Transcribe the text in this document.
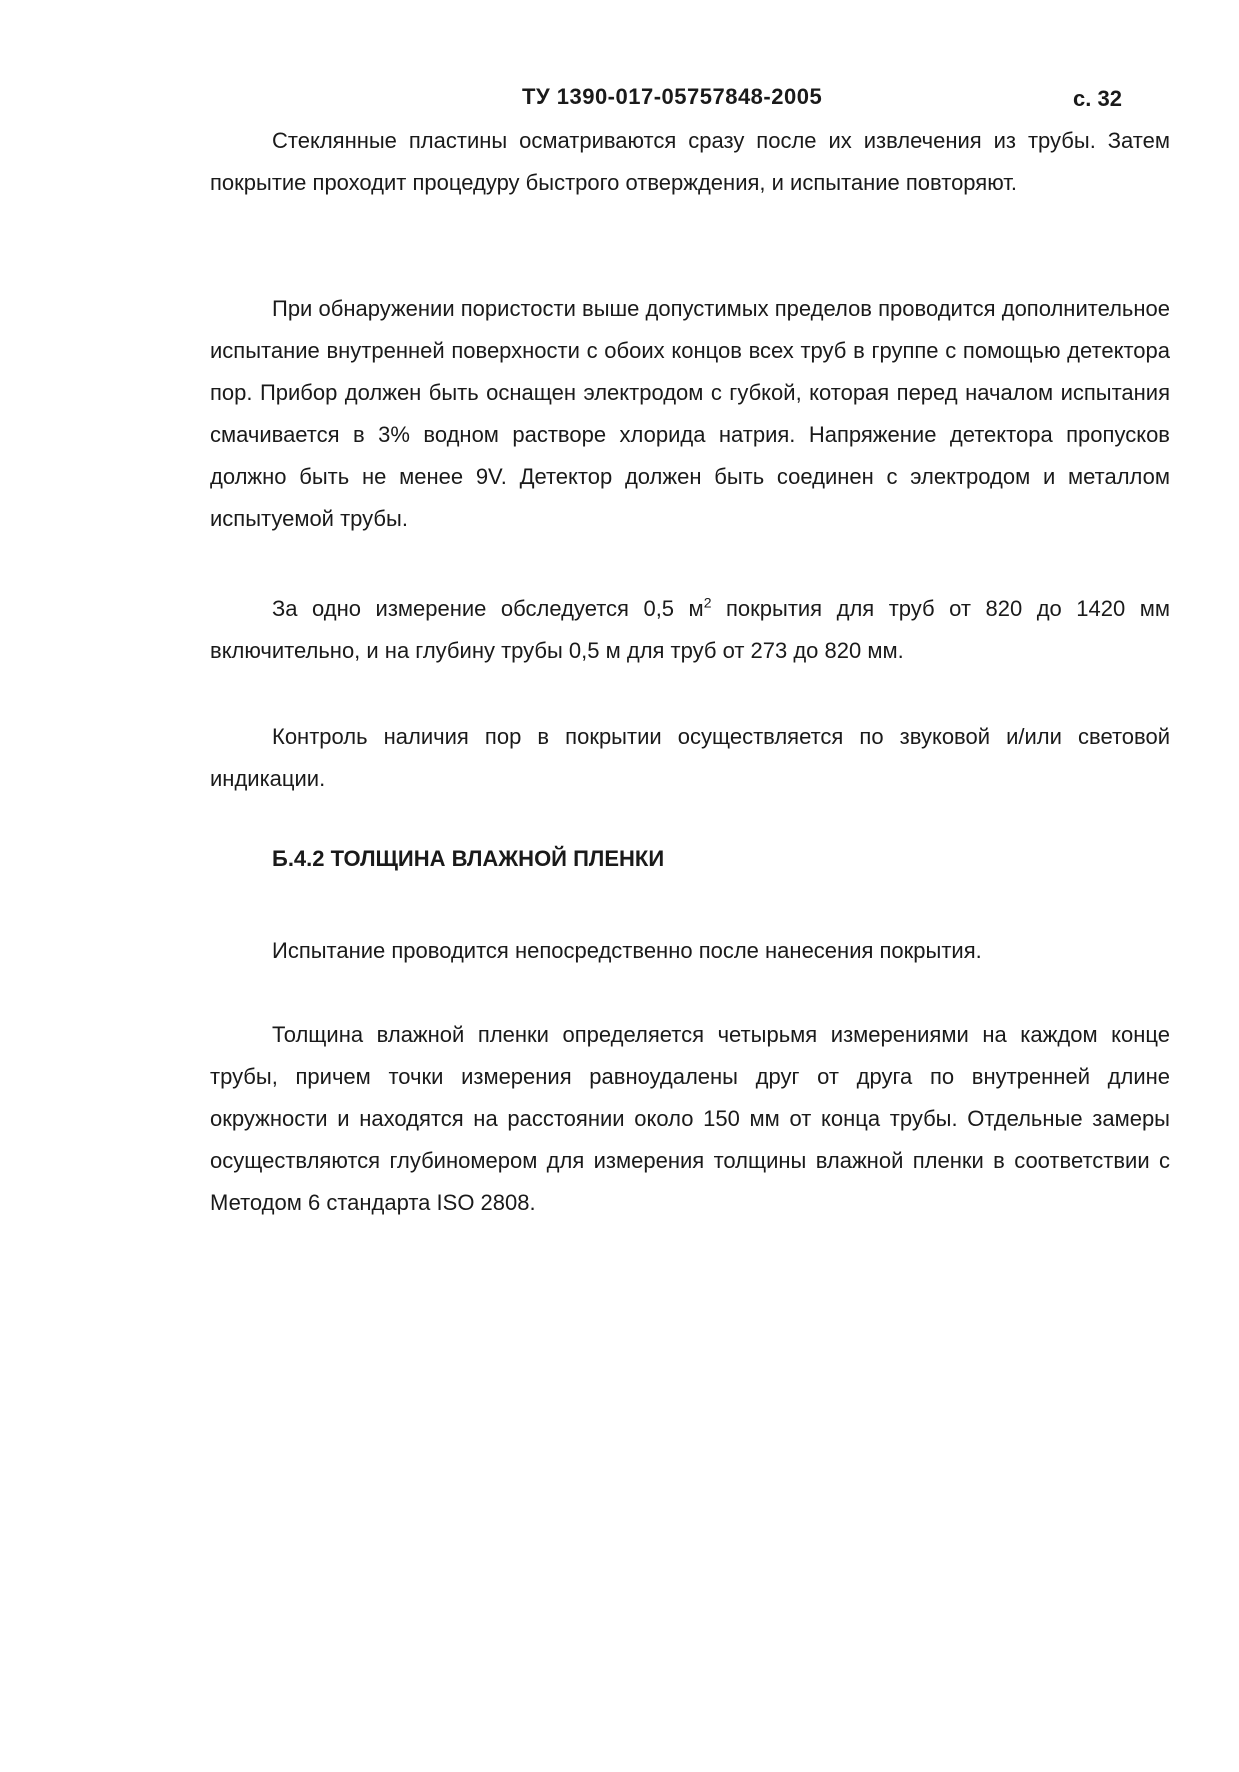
ТУ 1390-017-05757848-2005	с. 32

Стеклянные пластины осматриваются сразу после их извлечения из трубы. Затем покрытие проходит процедуру быстрого отверждения, и испытание повторяют.

При обнаружении пористости выше допустимых пределов проводится дополнительное испытание внутренней поверхности с обоих концов всех труб в группе с помощью детектора пор. Прибор должен быть оснащен электродом с губкой, которая перед началом испытания смачивается в 3% водном растворе хлорида натрия. Напряжение детектора пропусков должно быть не менее 9V. Детектор должен быть соединен с электродом и металлом испытуемой трубы.

За одно измерение обследуется 0,5 $м^2$ покрытия для труб от 820 до 1420 мм включительно, и на глубину трубы 0,5 м для труб от 273 до 820 мм.

Контроль наличия пор в покрытии осуществляется по звуковой и/или световой индикации.

Б.4.2 ТОЛЩИНА ВЛАЖНОЙ ПЛЕНКИ

Испытание проводится непосредственно после нанесения покрытия.

Толщина влажной пленки определяется четырьмя измерениями на каждом конце трубы, причем точки измерения равноудалены друг от друга по внутренней длине окружности и находятся на расстоянии около 150 мм от конца трубы. Отдельные замеры осуществляются глубиномером для измерения толщины влажной пленки в соответствии с Методом 6 стандарта ISO 2808.
